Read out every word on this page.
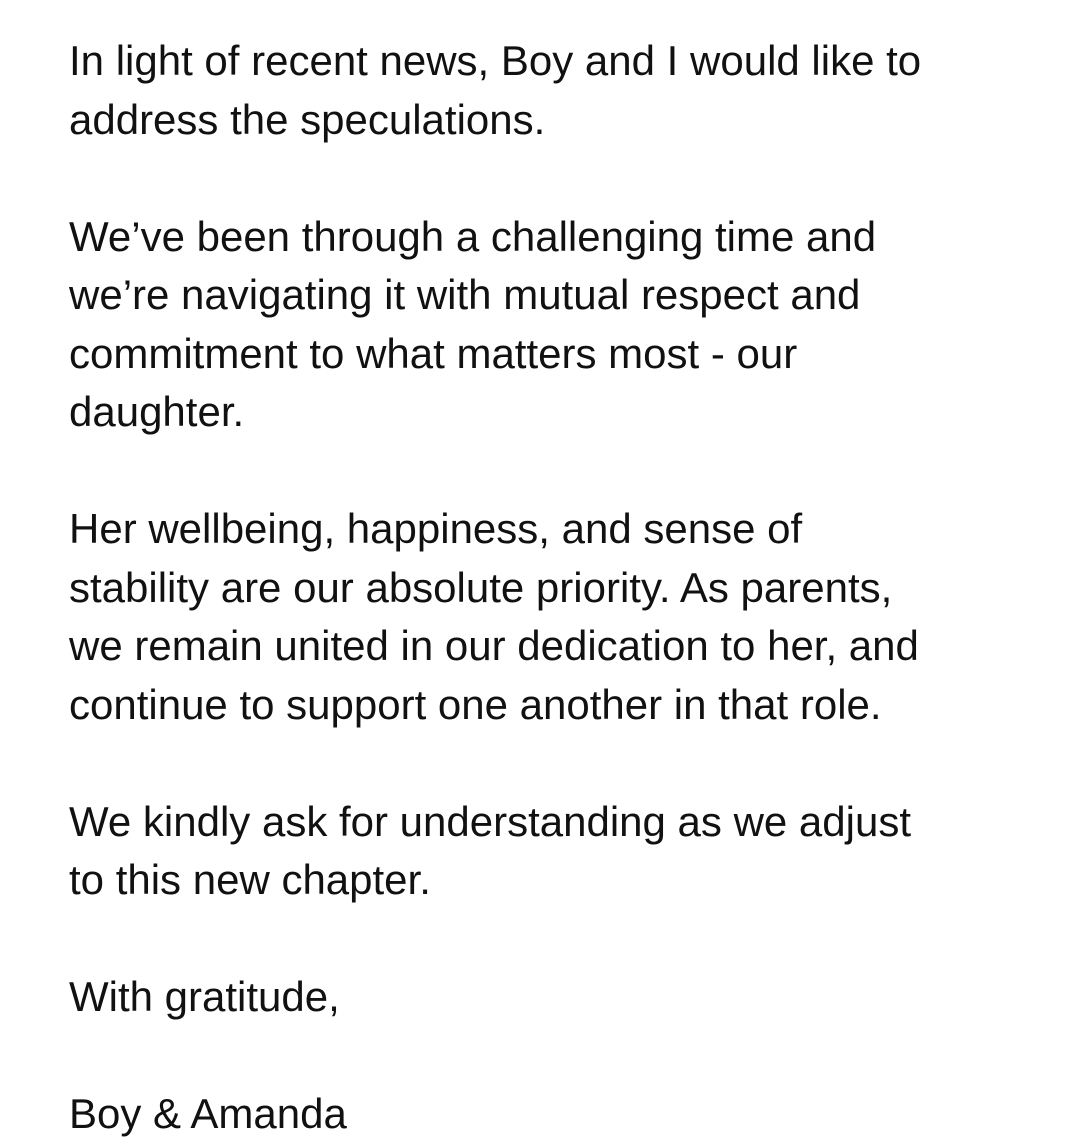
In light of recent news, Boy and I would like to
address the speculations.

We’ve been through a challenging time and
we’re navigating it with mutual respect and
commitment to what matters most - our
daughter.

Her wellbeing, happiness, and sense of
stability are our absolute priority. As parents,
we remain united in our dedication to her, and
continue to support one another in that role.

We kindly ask for understanding as we adjust
to this new chapter.

With gratitude,

Boy & Amanda
